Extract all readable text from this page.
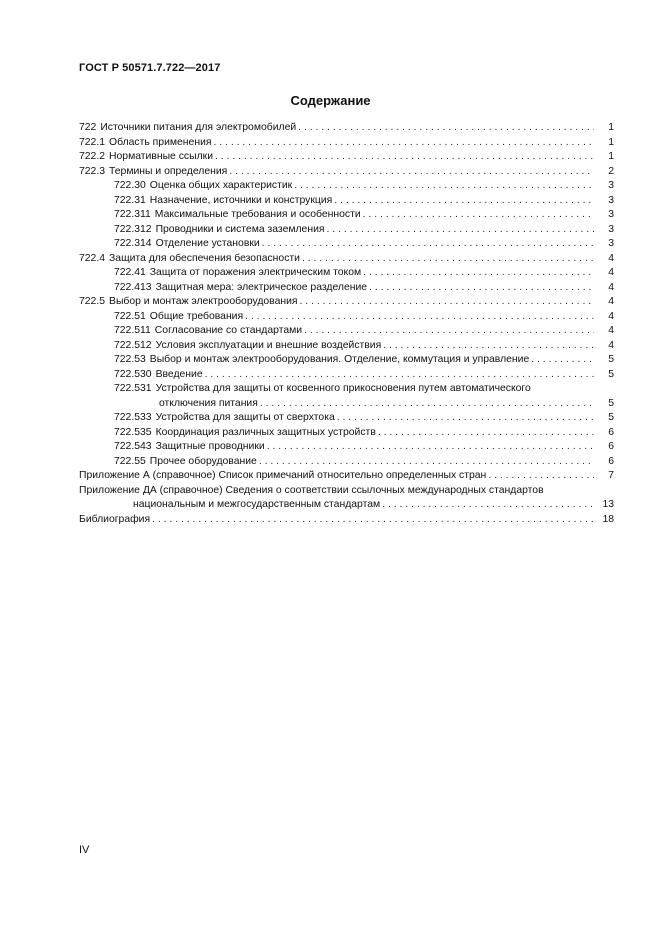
ГОСТ Р 50571.7.722—2017
Содержание
722 Источники питания для электромобилей . . .	1
722.1 Область применения . . .	1
722.2 Нормативные ссылки . . .	1
722.3 Термины и определения . . .	2
722.30 Оценка общих характеристик . . .	3
722.31 Назначение, источники и конструкция . . .	3
722.311 Максимальные требования и особенности . . .	3
722.312 Проводники и система заземления . . .	3
722.314 Отделение установки . . .	3
722.4 Защита для обеспечения безопасности . . .	4
722.41 Защита от поражения электрическим током . . .	4
722.413 Защитная мера: электрическое разделение . . .	4
722.5 Выбор и монтаж электрооборудования . . .	4
722.51 Общие требования . . .	4
722.511 Согласование со стандартами . . .	4
722.512 Условия эксплуатации и внешние воздействия . . .	4
722.53 Выбор и монтаж электрооборудования. Отделение, коммутация и управление . . .	5
722.530 Введение . . .	5
722.531 Устройства для защиты от косвенного прикосновения путем автоматического
отключения питания . . .	5
722.533 Устройства для защиты от сверхтока . . .	5
722.535 Координация различных защитных устройств . . .	6
722.543 Защитные проводники . . .	6
722.55 Прочее оборудование . . .	6
Приложение А (справочное) Список примечаний относительно определенных стран . . .	7
Приложение ДА (справочное) Сведения о соответствии ссылочных международных стандартов
национальным и межгосударственным стандартам . . .	13
Библиография . . .	18
IV
